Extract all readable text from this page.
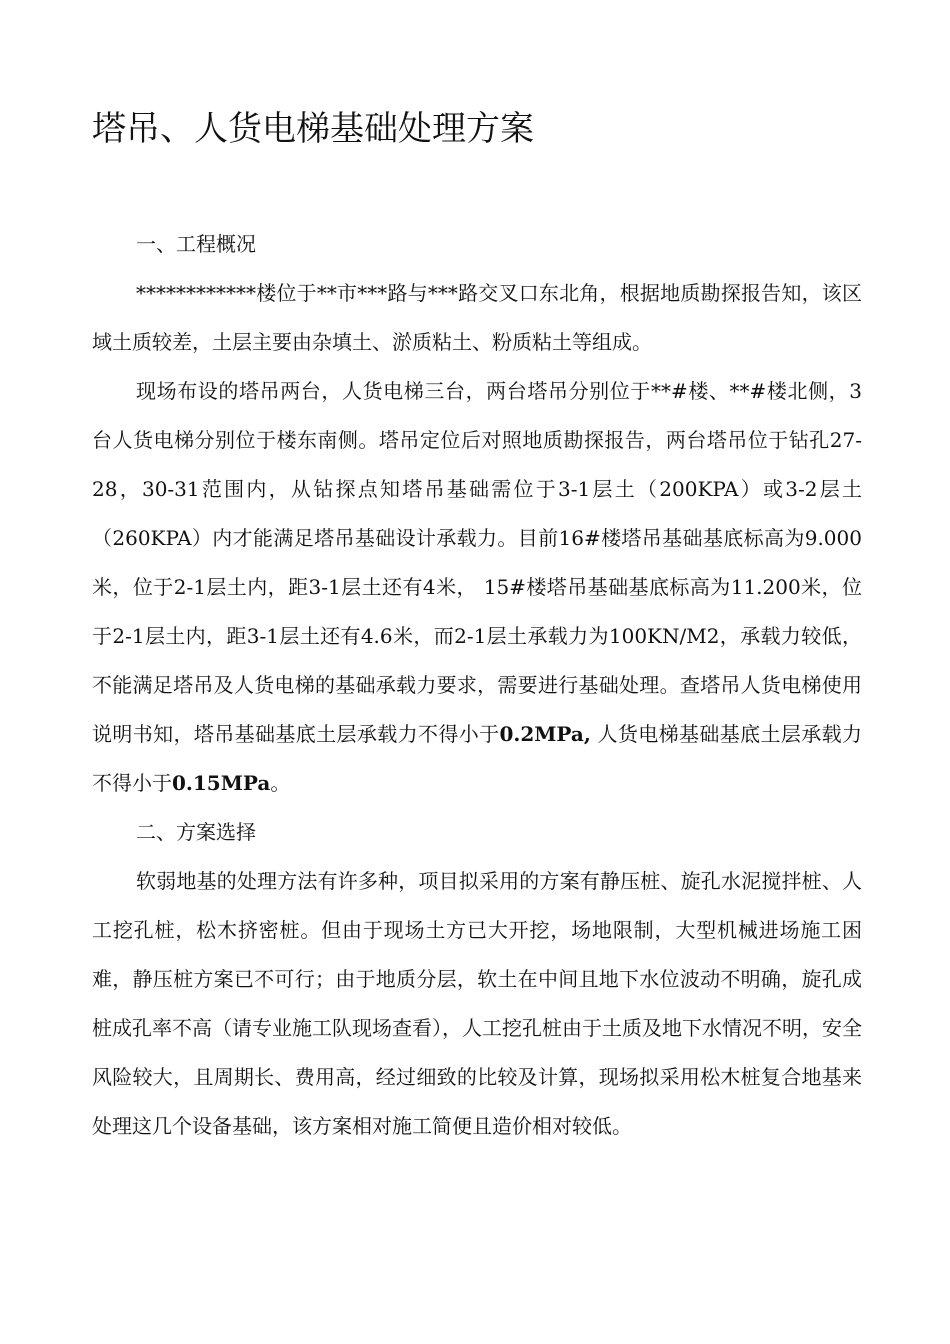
塔吊、人货电梯基础处理方案

一、工程概况

************楼位于**市***路与***路交叉口东北角，根据地质勘探报告知，该区域土质较差，土层主要由杂填土、淤质粘土、粉质粘土等组成。

现场布设的塔吊两台，人货电梯三台，两台塔吊分别位于**#楼、**#楼北侧，3台人货电梯分别位于楼东南侧。塔吊定位后对照地质勘探报告，两台塔吊位于钻孔27-28，30-31范围内，从钻探点知塔吊基础需位于3-1层土（200KPA）或3-2层土（260KPA）内才能满足塔吊基础设计承载力。目前16#楼塔吊基础基底标高为9.000米，位于2-1层土内，距3-1层土还有4米， 15#楼塔吊基础基底标高为11.200米，位于2-1层土内，距3-1层土还有4.6米，而2-1层土承载力为100KN/M2，承载力较低，不能满足塔吊及人货电梯的基础承载力要求，需要进行基础处理。查塔吊人货电梯使用说明书知，塔吊基础基底土层承载力不得小于0.2MPa, 人货电梯基础基底土层承载力不得小于0.15MPa。

二、方案选择

软弱地基的处理方法有许多种，项目拟采用的方案有静压桩、旋孔水泥搅拌桩、人工挖孔桩，松木挤密桩。但由于现场土方已大开挖，场地限制，大型机械进场施工困难，静压桩方案已不可行；由于地质分层，软土在中间且地下水位波动不明确，旋孔成桩成孔率不高（请专业施工队现场查看），人工挖孔桩由于土质及地下水情况不明，安全风险较大，且周期长、费用高，经过细致的比较及计算，现场拟采用松木桩复合地基来处理这几个设备基础，该方案相对施工简便且造价相对较低。
